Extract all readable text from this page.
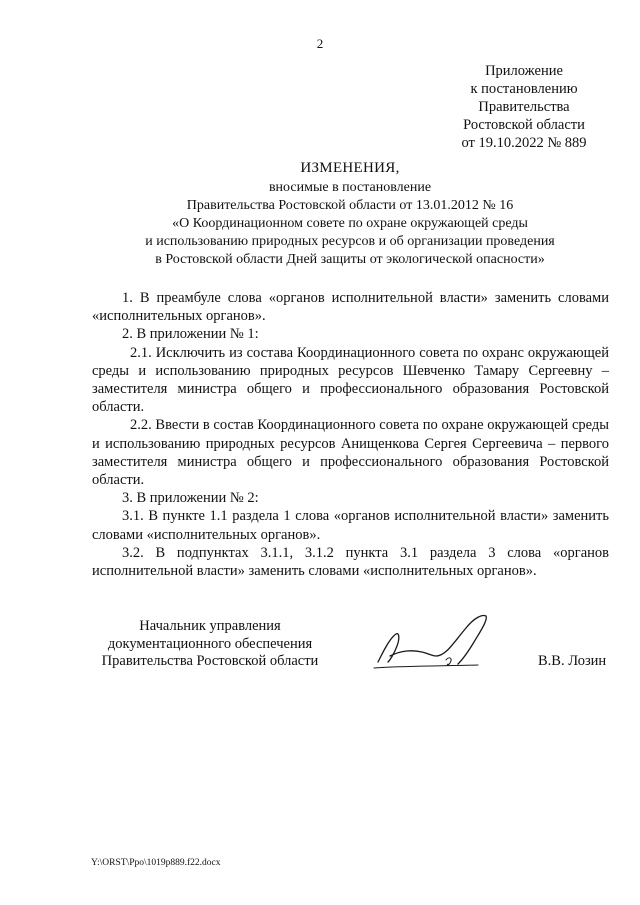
2
Приложение
к постановлению
Правительства
Ростовской области
от 19.10.2022 № 889
ИЗМЕНЕНИЯ,
вносимые в постановление
Правительства Ростовской области от 13.01.2012 № 16
«О Координационном совете по охране окружающей среды
и использованию природных ресурсов и об организации проведения
в Ростовской области Дней защиты от экологической опасности»

1. В преамбуле слова «органов исполнительной власти» заменить словами «исполнительных органов».

2. В приложении № 1:

2.1. Исключить из состава Координационного совета по охранс окружающей среды и использованию природных ресурсов Шевченко Тамару Сергеевну – заместителя министра общего и профессионального образования Ростовской области.

2.2. Ввести в состав Координационного совета по охране окружающей среды и использованию природных ресурсов Анищенкова Сергея Сергеевича – первого заместителя министра общего и профессионального образования Ростовской области.

3. В приложении № 2:

3.1. В пункте 1.1 раздела 1 слова «органов исполнительной власти» заменить словами «исполнительных органов».

3.2. В подпунктах 3.1.1, 3.1.2 пункта 3.1 раздела 3 слова «органов исполнительной власти» заменить словами «исполнительных органов».

Начальник управления
документационного обеспечения
Правительства Ростовской области	В.В. Лозин
Y:\ORST\Ppo\1019p889.f22.docx
